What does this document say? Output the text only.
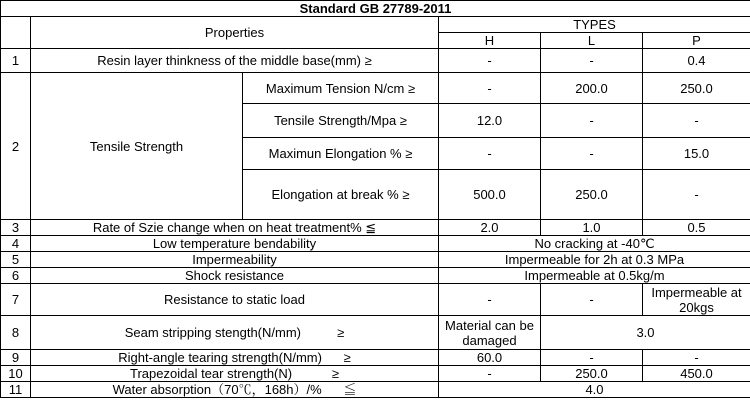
Standard GB 27789-2011					
	Properties		TYPES		
			H	L	P
1	Resin layer thinkness of the middle base(mm) ≥		-	-	0.4
2	Tensile Strength	Maximum Tension N/cm ≥	-	200.0	250.0
		Tensile Strength/Mpa ≥	12.0	-	-
		Maximun Elongation % ≥	-	-	15.0
		Elongation at break % ≥	500.0	250.0	-
3	Rate of Szie change when on heat treatment% ≦		2.0	1.0	0.5
4	Low temperature bendability		No cracking at -40℃		
5	Impermeability		Impermeable for 2h at 0.3 MPa		
6	Shock resistance		Impermeable at 0.5kg/m		
7	Resistance to static load		-	-	Impermeable at 20kgs
8	Seam stripping stength(N/mm)          ≥		Material can be damaged	3.0	
9	Right-angle tearing strength(N/mm)      ≥		60.0	-	-
10	Trapezoidal tear strength(N)           ≥		-	250.0	450.0
11	Water absorption（70℃，168h）/%      ≦		4.0		
